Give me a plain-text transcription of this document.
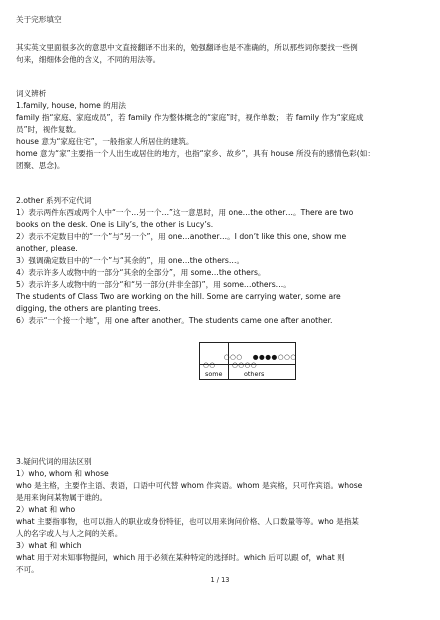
关于完形填空
其实英文里面很多次的意思中文直接翻译不出来的，勉强翻译也是不准确的，所以那些词你要找一些例
句来，细细体会他的含义，不同的用法等。
词义辨析
1.family, house, home 的用法
family 指“家庭、家庭成员”，若 family 作为整体概念的“家庭”时，视作单数； 若 family 作为“家庭成
员”时，视作复数。
house 意为“家庭住宅”，一般指家人所居住的建筑。
home 意为“家”主要指一个人出生或居住的地方，也指“家乡、故乡”，具有 house 所没有的感情色彩(如：
团聚、思念)。
2.other 系列不定代词
1）表示两件东西或两个人中“一个…另一个…”这一意思时，用 one…the other…。There are two
books on the desk. One is Lily’s, the other is Lucy’s.
2）表示不定数目中的“一个”与“另一个”，用 one…another…。I don’t like this one, show me
another, please.
3）强调确定数目中的“一个”与“其余的”，用 one…the others…。
4）表示许多人或物中的一部分“其余的全部分”，用 some…the others。
5）表示许多人或物中的一部分“和“另一部分(并非全部)”，用 some…others…。
The students of Class Two are working on the hill. Some are carrying water, some are
digging, the others are planting trees.
6）表示“一个接一个地”，用 one after another。The students came one after another.

○○○
○○

●●●●○○○
○○○○

some	others
3.疑问代词的用法区别
1）who, whom 和 whose
who 是主格，主要作主语、表语，口语中可代替 whom 作宾语。whom 是宾格，只可作宾语。whose
是用来询问某物属于谁的。
2）what 和 who
what 主要指事物，也可以指人的职业或身份特征，也可以用来询问价格、人口数量等等。who 是指某
人的名字或人与人之间的关系。
3）what 和 which
what 用于对未知事物提问，which 用于必须在某种特定的选择时。which 后可以跟 of，what 则
不可。
1 / 13
